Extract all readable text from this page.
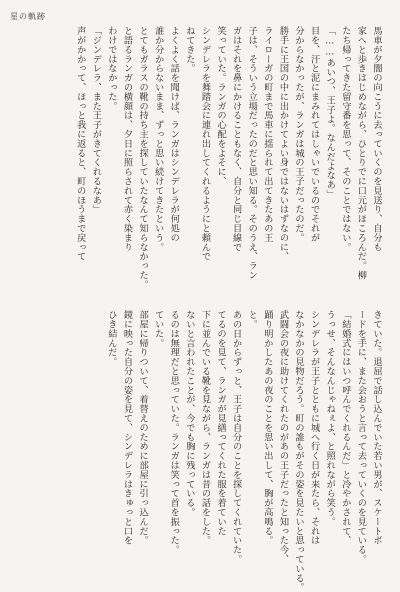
星の軌跡
馬車が夕闇の向こうに去っていくのを見送り、自分も
家へと歩きはじめながら、ひとりでに口元がほころんだ。柳
たち帰ってきた留守番を思って、そのことではない。
「……あいつ、王子よ。なんだよなあ」
目を、汗と泥にまみれてはしゃいでいるのでそれが
分からなかったが、ランガは城の王子だったのだ。
勝手に王国の中に出かけてよい身ではないはずなのに、
ライローガの町まで馬車に揺られて出てきたあの王
子は、そういう立場だったのだと思い知る。そのうえ、ラン
ガはそれを鼻にかけることもなく、自分と同じ目線で
笑っていた。ランガの心配をよそに、
シンデレラを舞踏会に連れ出してくれるようにと頼んで
ねてきた。
よくよく話を聞けば、ランガはシンデレラが何処の
誰か分からないまま、ずっと思い続けてきたという。
とてもガラスの靴の持ち主を探していたなんて知らなかった。
と語るランガの横顔は、夕日に照らされて赤く染まり
わけではなかった。
「ジンデレラ、また王子がきてくれるなあ」
声がかかって、ほっと我に返ると、町のほうまで戻って
きていた。退屈で話し込んでいた若い男が、スケートボ
ードを手に、また会おうと言って去っていくのを見ている。
「結婚式にはいつ呼んでくれるんだ」と冷やかされて、
うっせ、そんなんじゃねぇよ、と照れながら笑う。
シンデレラが王子とともに城へ行く日が来たら、それは
なかなかの見物だろう。町の誰もがその姿を見たいと思っている。
武闘会の夜に助けてくれたのがあの王子だったと知った今、
踊り明かしたあの夜のことを思い出して、胸が高鳴る。
と。
あの日からずっと、王子は自分のことを探してくれていた。
てるのを見て、ランガが見繕ってくれた服を着ていた
下に並んでいる靴を見ながら、ランガは昔の話をした。
ないと言われたことが、今でも胸に残っている。
るのは無理だと思っていた。ランガは笑って首を振った。
ていた。
部屋に帰りついて、着替えのために部屋に引っ込んだ。
鏡に映った自分の姿を見て、シンデレラはきゅっと口を
ひき結んだ。
